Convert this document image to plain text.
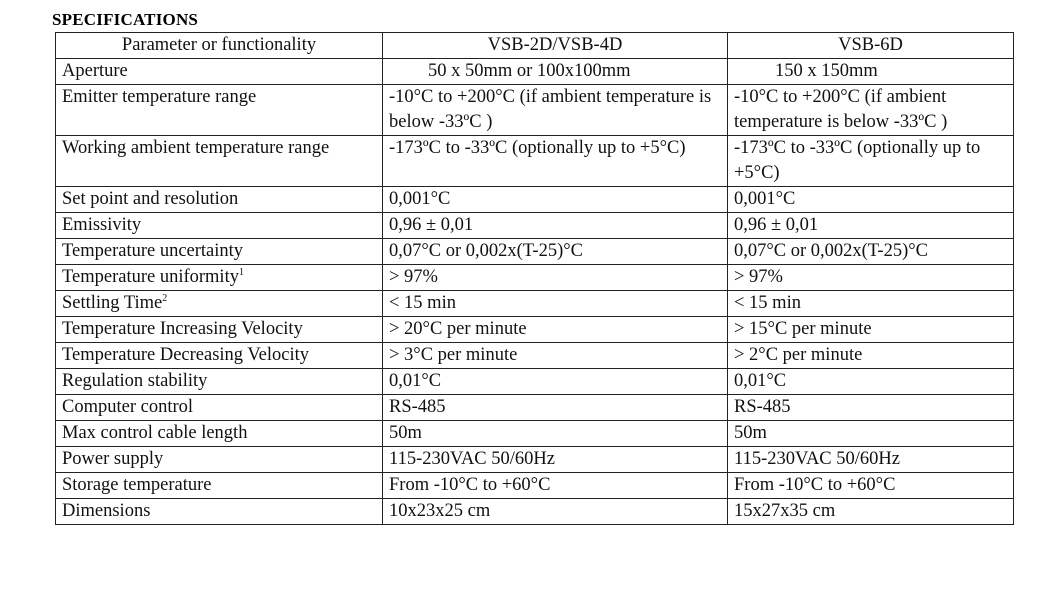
SPECIFICATIONS
Parameter or functionality	VSB-2D/VSB-4D	VSB-6D
Aperture	50 x 50mm or 100x100mm	150 x 150mm
Emitter temperature range	-10°C to +200°C (if ambient temperature is below -33ºC )	-10°C to +200°C (if ambient temperature is below -33ºC )
Working ambient temperature range	-173ºC to -33ºC (optionally up to +5°C)	-173ºC to -33ºC (optionally up to +5°C)
Set point and resolution	0,001°C	0,001°C
Emissivity	0,96 ± 0,01	0,96 ± 0,01
Temperature uncertainty	0,07°C or 0,002x(T-25)°C	0,07°C or 0,002x(T-25)°C
Temperature uniformity$^1$	> 97%	> 97%
Settling Time$^2$	< 15 min	< 15 min
Temperature Increasing Velocity	> 20°C per minute	> 15°C per minute
Temperature Decreasing Velocity	> 3°C per minute	> 2°C per minute
Regulation stability	0,01°C	0,01°C
Computer control	RS-485	RS-485
Max control cable length	50m	50m
Power supply	115-230VAC 50/60Hz	115-230VAC 50/60Hz
Storage temperature	From -10°C to +60°C	From -10°C to +60°C
Dimensions	10x23x25 cm	15x27x35 cm
